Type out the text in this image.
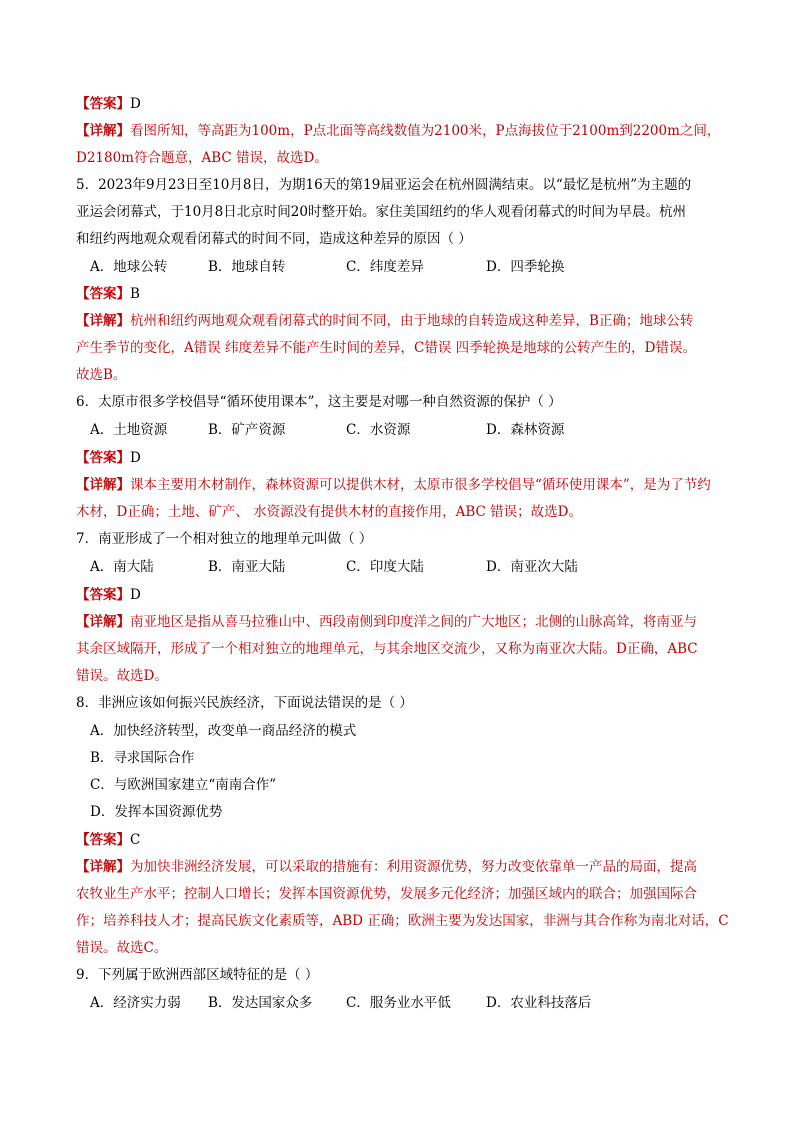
【答案】D
【详解】看图所知，等高距为100m，P点北面等高线数值为2100米，P点海拔位于2100m到2200m之间，
D2180m符合题意，ABC 错误，故选D。
5．2023年9月23日至10月8日，为期16天的第19届亚运会在杭州圆满结束。以“最忆是杭州”为主题的
亚运会闭幕式，于10月8日北京时间20时整开始。家住美国纽约的华人观看闭幕式的时间为早晨。杭州
和纽约两地观众观看闭幕式的时间不同，造成这种差异的原因（ ）
A．地球公转	B．地球自转	C．纬度差异	D．四季轮换
【答案】B
【详解】杭州和纽约两地观众观看闭幕式的时间不同，由于地球的自转造成这种差异，B正确；地球公转
产生季节的变化，A错误 纬度差异不能产生时间的差异，C错误 四季轮换是地球的公转产生的，D错误。
故选B。
6．太原市很多学校倡导“循环使用课本”，这主要是对哪一种自然资源的保护（ ）
A．土地资源	B．矿产资源	C．水资源	D．森林资源
【答案】D
【详解】课本主要用木材制作，森林资源可以提供木材，太原市很多学校倡导“循环使用课本”，是为了节约
木材，D正确；土地、矿产、 水资源没有提供木材的直接作用，ABC 错误；故选D。
7．南亚形成了一个相对独立的地理单元叫做（ ）
A．南大陆	B．南亚大陆	C．印度大陆	D．南亚次大陆
【答案】D
【详解】南亚地区是指从喜马拉雅山中、西段南侧到印度洋之间的广大地区；北侧的山脉高耸，将南亚与
其余区域隔开，形成了一个相对独立的地理单元，与其余地区交流少，又称为南亚次大陆。D正确，ABC
错误。故选D。
8．非洲应该如何振兴民族经济，下面说法错误的是（ ）
A．加快经济转型，改变单一商品经济的模式
B．寻求国际合作
C．与欧洲国家建立“南南合作”
D．发挥本国资源优势
【答案】C
【详解】为加快非洲经济发展，可以采取的措施有：利用资源优势，努力改变依靠单一产品的局面，提高
农牧业生产水平；控制人口增长；发挥本国资源优势，发展多元化经济；加强区域内的联合；加强国际合
作；培养科技人才；提高民族文化素质等，ABD 正确；欧洲主要为发达国家，非洲与其合作称为南北对话，C
错误。故选C。
9．下列属于欧洲西部区域特征的是（ ）
A．经济实力弱 B．发达国家众多 C．服务业水平低	D．农业科技落后
